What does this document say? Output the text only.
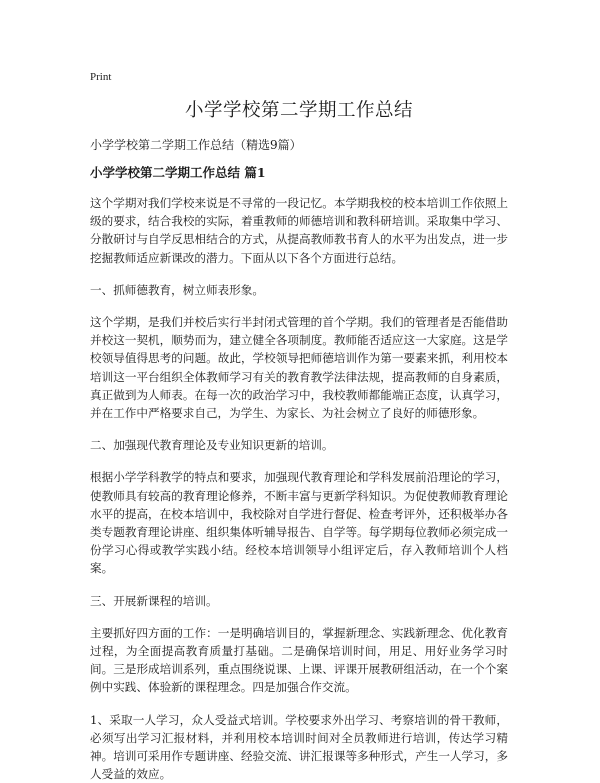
Print
小学学校第二学期工作总结
小学学校第二学期工作总结（精选9篇）
小学学校第二学期工作总结 篇1

这个学期对我们学校来说是不寻常的一段记忆。本学期我校的校本培训工作依照上级的要求，结合我校的实际，着重教师的师德培训和教科研培训。采取集中学习、分散研讨与自学反思相结合的方式，从提高教师教书育人的水平为出发点，进一步挖掘教师适应新课改的潜力。下面从以下各个方面进行总结。

一、抓师德教育，树立师表形象。

这个学期，是我们并校后实行半封闭式管理的首个学期。我们的管理者是否能借助并校这一契机，顺势而为，建立健全各项制度。教师能否适应这一大家庭。这是学校领导值得思考的问题。故此，学校领导把师德培训作为第一要素来抓，利用校本培训这一平台组织全体教师学习有关的教育教学法律法规，提高教师的自身素质，真正做到为人师表。在每一次的政治学习中，我校教师都能端正态度，认真学习，并在工作中严格要求自己，为学生、为家长、为社会树立了良好的师德形象。

二、加强现代教育理论及专业知识更新的培训。

根据小学学科教学的特点和要求，加强现代教育理论和学科发展前沿理论的学习，使教师具有较高的教育理论修养，不断丰富与更新学科知识。为促使教师教育理论水平的提高，在校本培训中，我校除对自学进行督促、检查考评外，还积极举办各类专题教育理论讲座、组织集体听辅导报告、自学等。每学期每位教师必须完成一份学习心得或教学实践小结。经校本培训领导小组评定后，存入教师培训个人档案。

三、开展新课程的培训。

主要抓好四方面的工作：一是明确培训目的，掌握新理念、实践新理念、优化教育过程，为全面提高教育质量打基础。二是确保培训时间，用足、用好业务学习时间。三是形成培训系列，重点围绕说课、上课、评课开展教研组活动，在一个个案例中实践、体验新的课程理念。四是加强合作交流。

1、采取一人学习，众人受益式培训。学校要求外出学习、考察培训的骨干教师，必须写出学习汇报材料，并利用校本培训时间对全员教师进行培训，传达学习精神。培训可采用作专题讲座、经验交流、讲汇报课等多种形式，产生一人学习，多人受益的效应。
